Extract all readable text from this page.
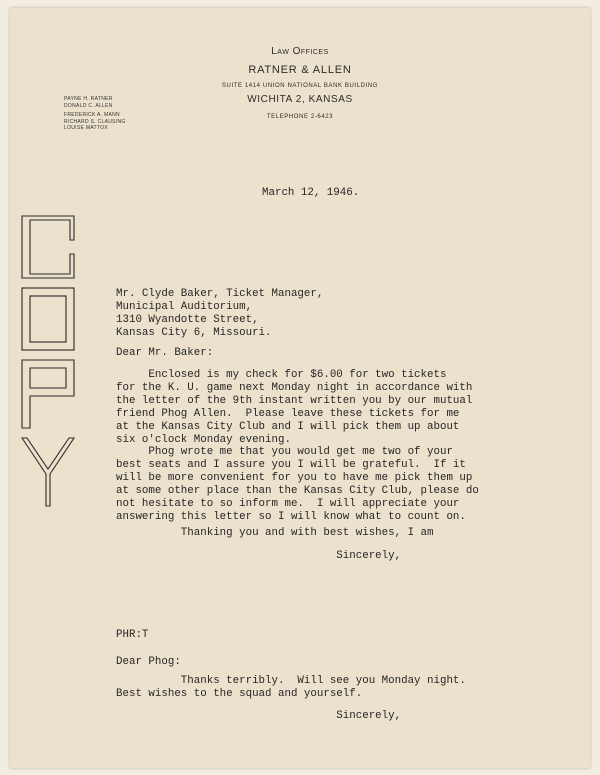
Law Offices
RATNER & ALLEN
SUITE 1414 UNION NATIONAL BANK BUILDING
WICHITA 2, KANSAS
TELEPHONE 2-6423
PAYNE H. RATNER
DONALD C. ALLEN
FREDERICK A. MANN
RICHARD S. CLAUSING
LOUISE MATTOX
March 12, 1946.
Mr. Clyde Baker, Ticket Manager,
Municipal Auditorium,
1310 Wyandotte Street,
Kansas City 6, Missouri.
Dear Mr. Baker:
Enclosed is my check for $6.00 for two tickets
for the K. U. game next Monday night in accordance with
the letter of the 9th instant written you by our mutual
friend Phog Allen.  Please leave these tickets for me
at the Kansas City Club and I will pick them up about
six o'clock Monday evening.
Phog wrote me that you would get me two of your
best seats and I assure you I will be grateful.  If it
will be more convenient for you to have me pick them up
at some other place than the Kansas City Club, please do
not hesitate to so inform me.  I will appreciate your
answering this letter so I will know what to count on.
Thanking you and with best wishes, I am
Sincerely,
PHR:T
Dear Phog:
Thanks terribly.  Will see you Monday night.
Best wishes to the squad and yourself.
Sincerely,
